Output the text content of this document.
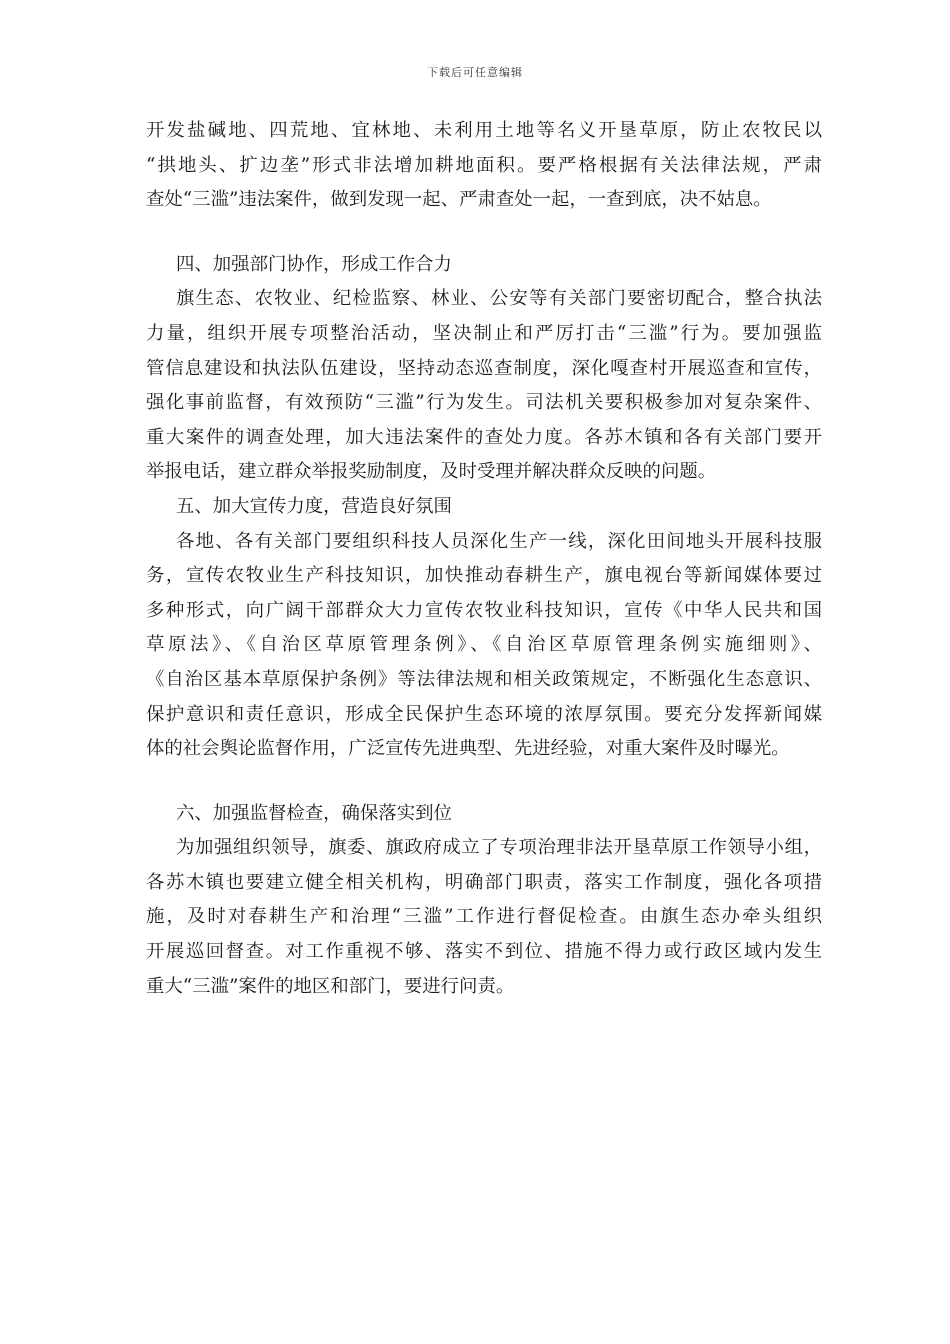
下载后可任意编辑
开发盐碱地、四荒地、宜林地、未利用土地等名义开垦草原，防止农牧民以
“拱地头、扩边垄”形式非法增加耕地面积。要严格根据有关法律法规，严肃
查处“三滥”违法案件，做到发现一起、严肃查处一起，一查到底，决不姑息。
四、加强部门协作，形成工作合力
旗生态、农牧业、纪检监察、林业、公安等有关部门要密切配合，整合执法
力量，组织开展专项整治活动，坚决制止和严厉打击“三滥”行为。要加强监
管信息建设和执法队伍建设，坚持动态巡查制度，深化嘎查村开展巡查和宣传，
强化事前监督，有效预防“三滥”行为发生。司法机关要积极参加对复杂案件、
重大案件的调查处理，加大违法案件的查处力度。各苏木镇和各有关部门要开
举报电话，建立群众举报奖励制度，及时受理并解决群众反映的问题。
五、加大宣传力度，营造良好氛围
各地、各有关部门要组织科技人员深化生产一线，深化田间地头开展科技服
务，宣传农牧业生产科技知识，加快推动春耕生产，旗电视台等新闻媒体要过
多种形式，向广阔干部群众大力宣传农牧业科技知识，宣传《中华人民共和国
草原法》、《自治区草原管理条例》、《自治区草原管理条例实施细则》、
《自治区基本草原保护条例》等法律法规和相关政策规定，不断强化生态意识、
保护意识和责任意识，形成全民保护生态环境的浓厚氛围。要充分发挥新闻媒
体的社会舆论监督作用，广泛宣传先进典型、先进经验，对重大案件及时曝光。
六、加强监督检查，确保落实到位
为加强组织领导，旗委、旗政府成立了专项治理非法开垦草原工作领导小组，
各苏木镇也要建立健全相关机构，明确部门职责，落实工作制度，强化各项措
施，及时对春耕生产和治理“三滥”工作进行督促检查。由旗生态办牵头组织
开展巡回督查。对工作重视不够、落实不到位、措施不得力或行政区域内发生
重大“三滥”案件的地区和部门，要进行问责。
